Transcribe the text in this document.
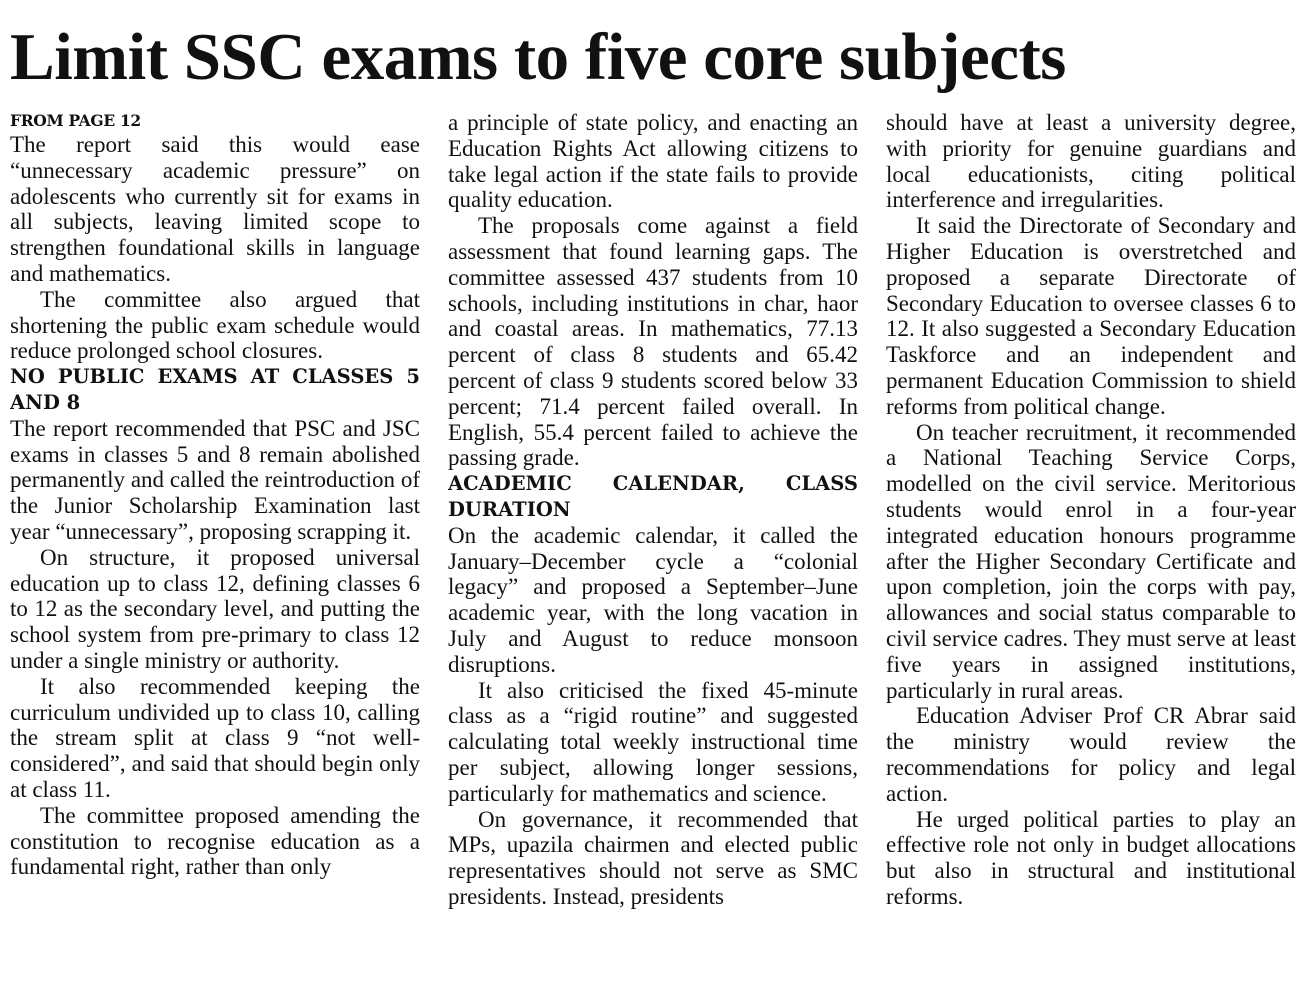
Limit SSC exams to five core subjects
FROM PAGE 12

The report said this would ease “unnecessary academic pressure” on adolescents who currently sit for exams in all subjects, leaving limited scope to strengthen foundational skills in language and mathematics.

The committee also argued that shortening the public exam schedule would reduce prolonged school closures.

NO PUBLIC EXAMS AT CLASSES 5 AND 8

The report recommended that PSC and JSC exams in classes 5 and 8 remain abolished permanently and called the reintroduction of the Junior Scholarship Examination last year “unnecessary”, proposing scrapping it.

On structure, it proposed universal education up to class 12, defining classes 6 to 12 as the secondary level, and putting the school system from pre-primary to class 12 under a single ministry or authority.

It also recommended keeping the curriculum undivided up to class 10, calling the stream split at class 9 “not well-considered”, and said that should begin only at class 11.

The committee proposed amending the constitution to recognise education as a fundamental right, rather than only

a principle of state policy, and enacting an Education Rights Act allowing citizens to take legal action if the state fails to provide quality education.

The proposals come against a field assessment that found learning gaps. The committee assessed 437 students from 10 schools, including institutions in char, haor and coastal areas. In mathematics, 77.13 percent of class 8 students and 65.42 percent of class 9 students scored below 33 percent; 71.4 percent failed overall. In English, 55.4 percent failed to achieve the passing grade.

ACADEMIC CALENDAR, CLASS DURATION

On the academic calendar, it called the January–December cycle a “colonial legacy” and proposed a September–June academic year, with the long vacation in July and August to reduce monsoon disruptions.

It also criticised the fixed 45-minute class as a “rigid routine” and suggested calculating total weekly instructional time per subject, allowing longer sessions, particularly for mathematics and science.

On governance, it recommended that MPs, upazila chairmen and elected public representatives should not serve as SMC presidents. Instead, presidents

should have at least a university degree, with priority for genuine guardians and local educationists, citing political interference and irregularities.

It said the Directorate of Secondary and Higher Education is overstretched and proposed a separate Directorate of Secondary Education to oversee classes 6 to 12. It also suggested a Secondary Education Taskforce and an independent and permanent Education Commission to shield reforms from political change.

On teacher recruitment, it recommended a National Teaching Service Corps, modelled on the civil service. Meritorious students would enrol in a four-year integrated education honours programme after the Higher Secondary Certificate and upon completion, join the corps with pay, allowances and social status comparable to civil service cadres. They must serve at least five years in assigned institutions, particularly in rural areas.

Education Adviser Prof CR Abrar said the ministry would review the recommendations for policy and legal action.

He urged political parties to play an effective role not only in budget allocations but also in structural and institutional reforms.
